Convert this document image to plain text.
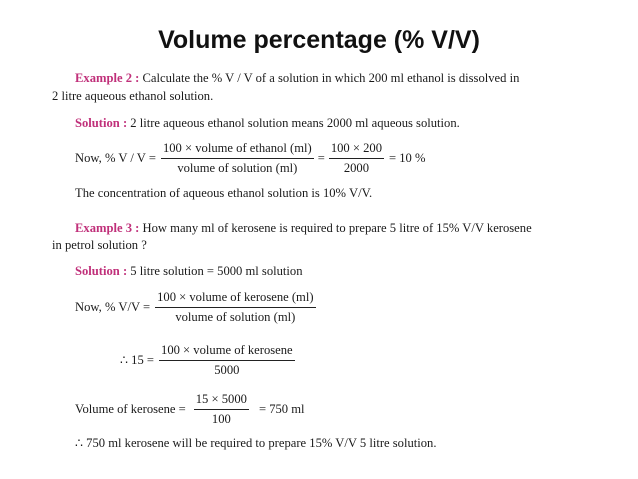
Volume percentage (% V/V)
Example 2 : Calculate the % V / V of a solution in which 200 ml ethanol is dissolved in
2 litre aqueous ethanol solution.
Solution : 2 litre aqueous ethanol solution means 2000 ml aqueous solution.
Now, % $V / V = \frac{\text{100 × volume of ethanol (ml)}}{\text{volume of solution (ml)}} = \frac{100 \times 200}{2000} = 10$ %
The concentration of aqueous ethanol solution is 10% V/V.
Example 3 : How many ml of kerosene is required to prepare 5 litre of 15% V/V kerosene
in petrol solution ?
Solution : 5 litre solution = 5000 ml solution
Now, % $V/V = \frac{\text{100 × volume of kerosene (ml)}}{\text{volume of solution (ml)}}$
∴ $15 = \frac{\text{100 × volume of kerosene}}{5000}$
Volume of kerosene = $\frac{15 \times 5000}{100} = 750$ ml
∴ 750 ml kerosene will be required to prepare 15% V/V 5 litre solution.
